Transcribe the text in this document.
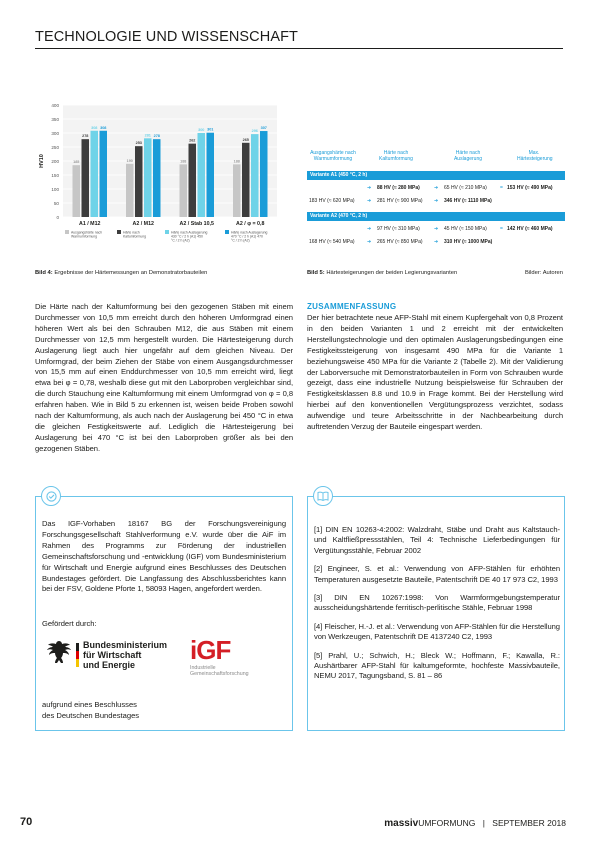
TECHNOLOGIE UND WISSENSCHAFT
0
50
100
150
200
250
300
350
400
HV10	185
278
308 308
A1 / M12
190
253
281 278
A2 / M12
188
262
300 301
A2 / Stab 10,5
188
265
296
307
A2 / φ = 0,8
Ausgangshärte nach Warmumformung
Härte nach Kaltumformung
Härte nach Auslagerung 430 °C / 2 h (A1) 450 °C / 2 h (A2)
Härte nach Auslagerung 470 °C / 2 h (A1) 470 °C / 2 h (A2)
Bild 4: Ergebnisse der Härtemessungen an Demonstratorbauteilen
Ausgangshärte nach Warmumformung
Härte nach Kaltumformung
Härte nach Auslagerung
Max. Härtesteigerung
Variante A1 (450 °C, 2 h)
➜ 88 HV (≈ 280 MPa)	➜ 65 HV (≈ 210 MPa)	= 153 HV (≈ 490 MPa)
183 HV (≈ 620 MPa) ➜ 281 HV (≈ 900 MPa) ➜ 346 HV (≈ 1110 MPa)
Variante A2 (470 °C, 2 h)
➜ 97 HV (≈ 310 MPa)	➜ 45 HV (≈ 150 MPa)	= 142 HV (≈ 460 MPa)
168 HV (≈ 540 MPa) ➜ 265 HV (≈ 850 MPa) ➜ 310 HV (≈ 1000 MPa)
Bild 5: Härtesteigerungen der beiden Legierungsvarianten	Bilder: Autoren
Die Härte nach der Kaltumformung bei den gezogenen Stäben mit einem Durchmesser von 10,5 mm erreicht durch den höheren Umformgrad einen höheren Wert als bei den Schrauben M12, die aus Stäben mit einem Durchmesser von 12,5 mm hergestellt wurden. Die Härtesteigerung durch Auslagerung liegt auch hier ungefähr auf dem gleichen Niveau. Der Umformgrad, der beim Ziehen der Stäbe von einem Ausgangsdurchmesser von 15,5 mm auf einen Enddurchmesser von 10,5 mm erreicht wird, liegt etwa bei φ = 0,78, weshalb diese gut mit den Laborproben vergleichbar sind, die durch Stauchung eine Kaltumformung mit einem Umformgrad von φ = 0,8 erfahren haben. Wie in Bild 5 zu erkennen ist, weisen beide Proben sowohl nach der Kaltumformung, als auch nach der Auslagerung bei 450 °C in etwa die gleichen Festigkeitswerte auf. Lediglich die Härtesteigerung bei Auslagerung bei 470 °C ist bei den Laborproben größer als bei den gezogenen Stäben.
ZUSAMMENFASSUNG
Der hier betrachtete neue AFP-Stahl mit einem Kupfergehalt von 0,8 Prozent in den beiden Varianten 1 und 2 erreicht mit der entwickelten Herstellungstechnologie und den optimalen Auslagerungsbedingungen eine Festigkeitssteigerung von insgesamt 490 MPa für die Variante 1 beziehungsweise 450 MPa für die Variante 2 (Tabelle 2). Mit der Validierung der Laborversuche mit Demonstratorbauteilen in Form von Schrauben wurde gezeigt, dass eine industrielle Nutzung beispielsweise für Schrauben der Festigkeitsklassen 8.8 und 10.9 in Frage kommt. Bei der Herstellung wird hierbei auf den konventionellen Vergütungsprozess verzichtet, sodass aufwendige und teure Arbeitsschritte in der Nachbearbeitung durch auftretenden Verzug der Bauteile eingespart werden.
Das IGF-Vorhaben 18167 BG der Forschungsvereinigung Forschungsgesellschaft Stahlverformung e.V. wurde über die AiF im Rahmen des Programms zur Förderung der industriellen Gemeinschaftsforschung und -entwicklung (IGF) vom Bundesministerium für Wirtschaft und Energie aufgrund eines Beschlusses des Deutschen Bundestages gefördert. Die Langfassung des Abschlussberichtes kann bei der FSV, Goldene Pforte 1, 58093 Hagen, angefordert werden.
Gefördert durch:
Bundesministerium
für Wirtschaft
und Energie
aufgrund eines Beschlusses
des Deutschen Bundestages
iGF
Industrielle
Gemeinschaftsforschung

[1] DIN EN 10263-4:2002: Walzdraht, Stäbe und Draht aus Kaltstauch- und Kaltfließpressstählen, Teil 4: Technische Lieferbedingungen für Vergütungsstähle, Februar 2002

[2] Engineer, S. et al.: Verwendung von AFP-Stählen für erhöhten Temperaturen ausgesetzte Bauteile, Patentschrift DE 40 17 973 C2, 1993

[3] DIN EN 10267:1998: Von Warmformgebungstemperatur ausscheidungshärtende ferritisch-perlitische Stähle, Februar 1998

[4] Fleischer, H.-J. et al.: Verwendung von AFP-Stählen für die Herstellung von Werkzeugen, Patentschrift DE 4137240 C2, 1993

[5] Prahl, U.; Schwich, H.; Bleck W.; Hoffmann, F.; Kawalla, R.: Aushärtbarer AFP-Stahl für kaltumgeformte, hochfeste Massivbauteile, NEMU 2017, Tagungsband, S. 81 – 86

70	massivUMFORMUNG | SEPTEMBER 2018
